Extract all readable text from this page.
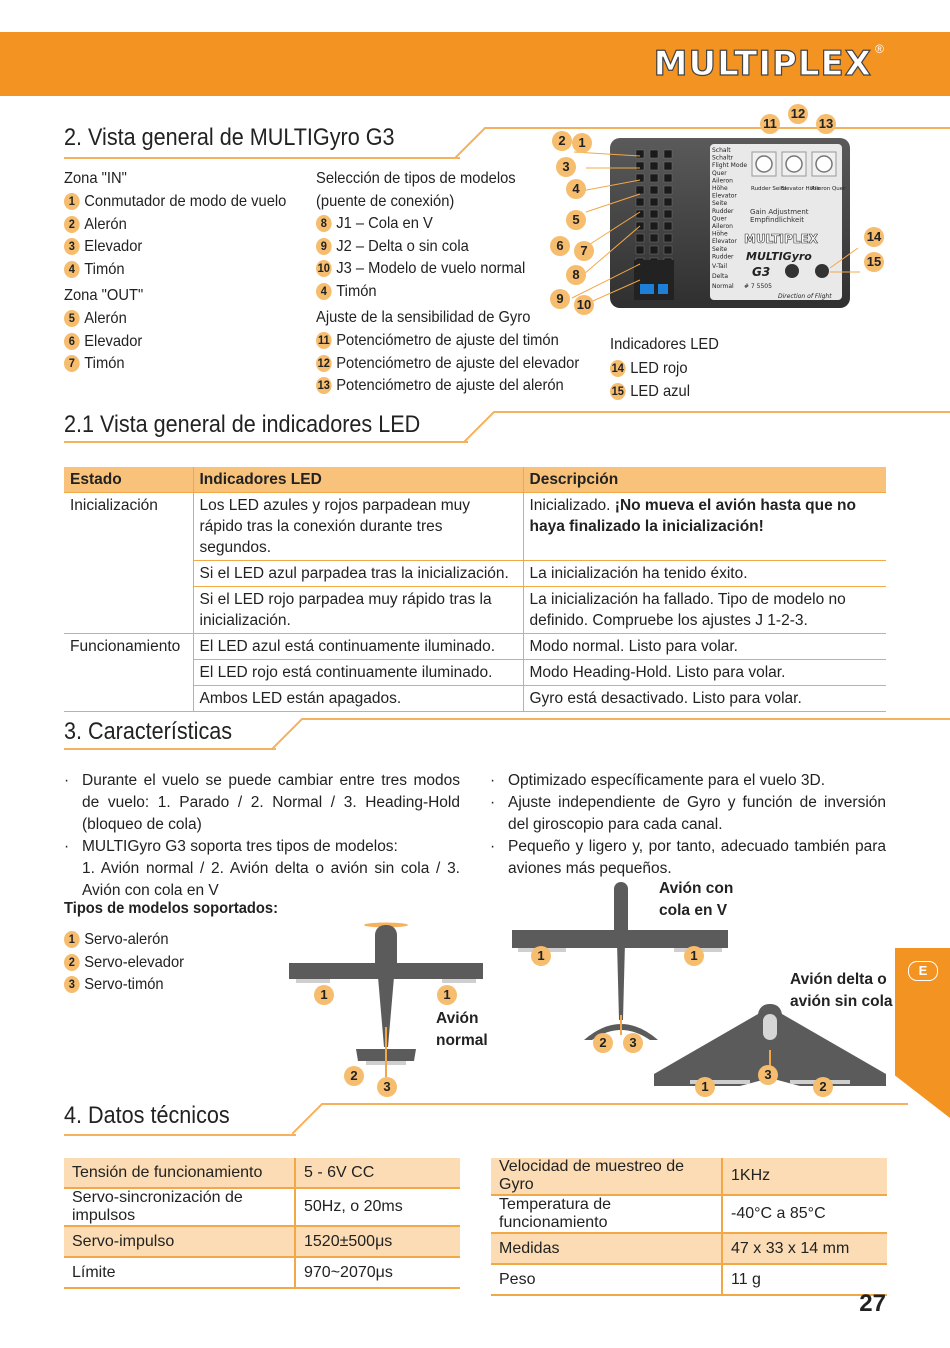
MULTIPLEX ®
2. Vista general de MULTIGyro G3
Zona "IN"
1 Conmutador de modo de vuelo
2 Alerón
3 Elevador
4 Timón
Zona "OUT"
5 Alerón
6 Elevador
7 Timón
Selección de tipos de modelos
(puente de conexión)
8 J1 – Cola en V
9 J2 – Delta o sin cola
10 J3 – Modelo de vuelo normal
4 Timón
Ajuste de la sensibilidad de Gyro
11 Potenciómetro de ajuste del timón
12 Potenciómetro de ajuste del elevador
13 Potenciómetro de ajuste del alerón
Indicadores LED
14 LED rojo
15 LED azul
Schalt
Schaltr
Flight Mode
Quer
Aileron
Höhe
Elevator
Seite
Rudder
Quer
Aileron
Höhe
Elevator
Seite
Rudder
V-Tail
Delta
Normal
Rudder Seite
Elevator Höhe
Aileron Quer
MULTIPLEX
MULTIGyro
G3
# 7 5505
Direction of Flight
Gain Adjustment
Empfindlichkeit
2 1
3
4
5
6	7
8
9	10
11
12
13
14
15
2.1 Vista general de indicadores LED
Estado	Indicadores LED	Descripción
Inicialización	Los LED azules y rojos parpadean muy rápido tras la conexión durante tres segundos.	Inicializado. ¡No mueva el avión hasta que no haya finalizado la inicialización!
	Si el LED azul parpadea tras la inicialización.	La inicialización ha tenido éxito.
	Si el LED rojo parpadea muy rápido tras la inicialización.	La inicialización ha fallado. Tipo de modelo no definido. Compruebe los ajustes J 1-2-3.
Funcionamiento	El LED azul está continuamente iluminado.	Modo normal. Listo para volar.
	El LED rojo está continuamente iluminado.	Modo Heading-Hold. Listo para volar.
	Ambos LED están apagados.	Gyro está desactivado. Listo para volar.
3. Características
· Durante el vuelo se puede cambiar entre tres modos de vuelo: 1. Parado / 2. Normal / 3. Heading-Hold (bloqueo de cola)
· MULTIGyro G3 soporta tres tipos de modelos:

1. Avión normal / 2. Avión delta o avión sin cola / 3. Avión con cola en V

· Optimizado específicamente para el vuelo 3D.
· Ajuste independiente de Gyro y función de inversión del giroscopio para cada canal.
· Pequeño y ligero y, por tanto, adecuado también para aviones más pequeños.
Tipos de modelos soportados:
1 Servo-alerón
2 Servo-elevador
3 Servo-timón
1	1
2
3
Avión
normal
1	1
2	3
Avión con
cola en V
1
3
2
Avión delta o
avión sin cola
E
4. Datos técnicos
Tensión de funcionamiento	5 - 6V CC
Servo-sincronización de impulsos	50Hz, o 20ms
Servo-impulso	1520±500μs
Límite	970~2070μs
Velocidad de muestreo de Gyro	1KHz
Temperatura de funcionamiento	-40°C a 85°C
Medidas	47 x 33 x 14 mm
Peso	11 g
27
